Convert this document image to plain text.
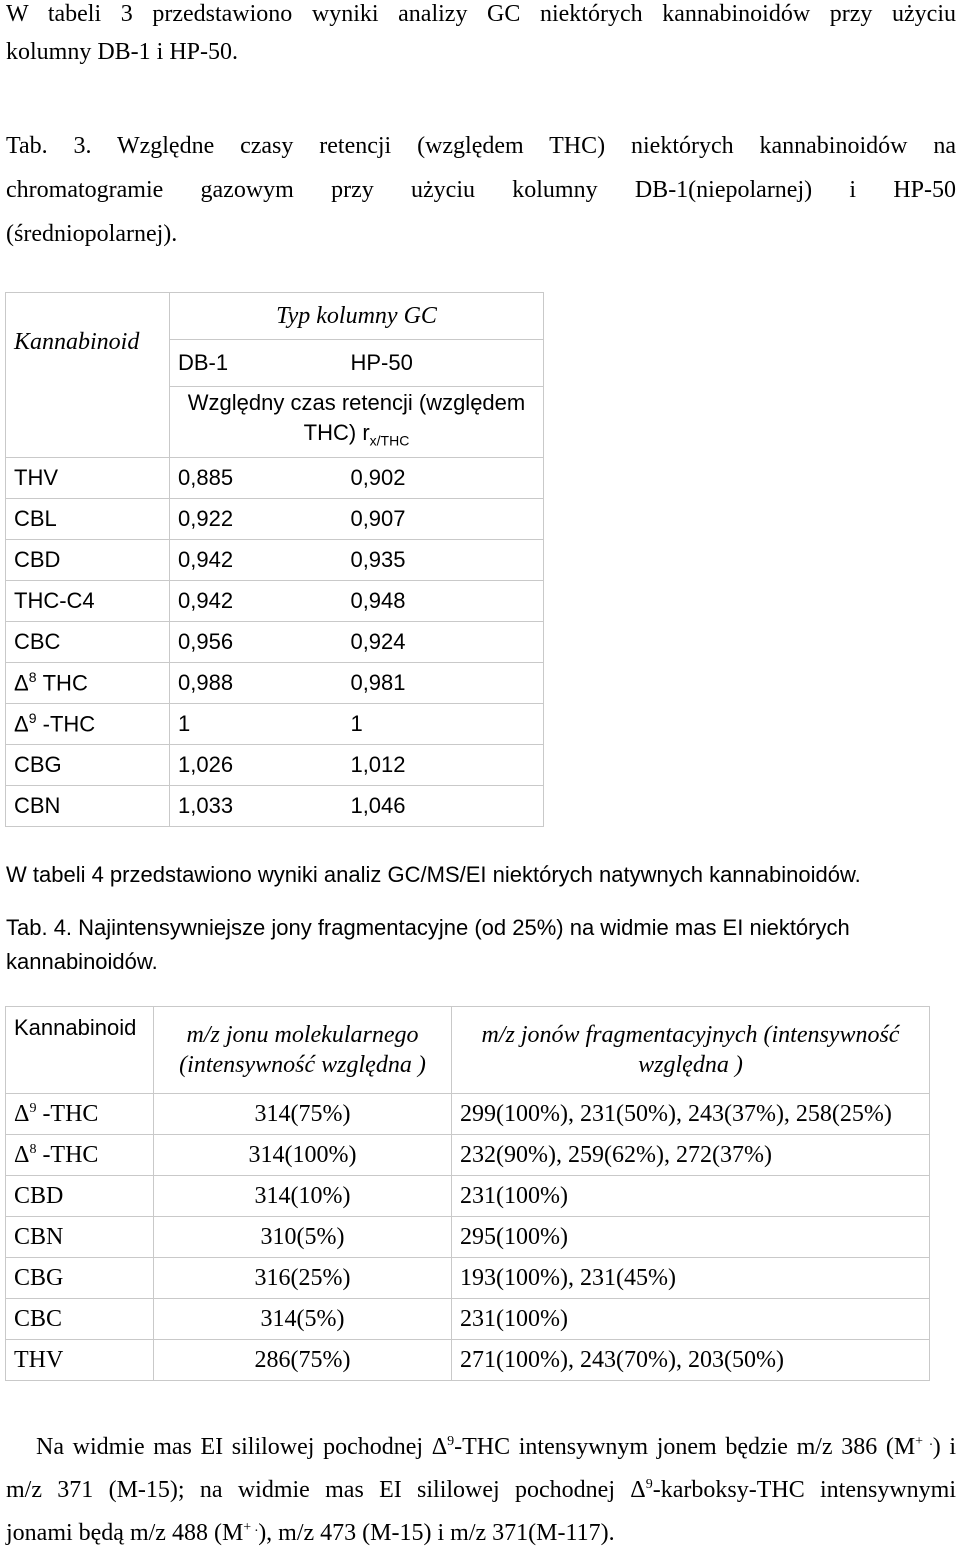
W tabeli 3 przedstawiono wyniki analizy GC niektórych kannabinoidów przy użyciu

kolumny DB-1 i HP-50.

Tab. 3. Względne czasy retencji (względem THC) niektórych kannabinoidów na

chromatogramie gazowym przy użyciu kolumny DB-1(niepolarnej) i HP-50

(średniopolarnej).

Kannabinoid	Typ kolumny GC	
	DB-1	HP-50
	Względny czas retencji (względem
THC) $r_{x/THC}$
THV	0,885	0,902
CBL	0,922	0,907
CBD	0,942	0,935
THC-C4	0,942	0,948
CBC	0,956	0,924
$\Delta^8$ THC	0,988	0,981
$\Delta^9$ -THC	1	1
CBG	1,026	1,012
CBN	1,033	1,046

W tabeli 4 przedstawiono wyniki analiz GC/MS/EI niektórych natywnych kannabinoidów.

Tab. 4. Najintensywniejsze jony fragmentacyjne (od 25%) na widmie mas EI niektórych

kannabinoidów.

Kannabinoid	m/z jonu molekularnego
(intensywność względna )	m/z jonów fragmentacyjnych (intensywność
względna )
$\Delta^9$ -THC	314(75%)	299(100%), 231(50%), 243(37%), 258(25%)
$\Delta^8$ -THC	314(100%)	232(90%), 259(62%), 272(37%)
CBD	314(10%)	231(100%)
CBN	310(5%)	295(100%)
CBG	316(25%)	193(100%), 231(45%)
CBC	314(5%)	231(100%)
THV	286(75%)	271(100%), 243(70%), 203(50%)

Na widmie mas EI sililowej pochodnej $\Delta^9$-THC intensywnym jonem będzie m/z 386 (M+ .) i

m/z 371 (M-15); na widmie mas EI sililowej pochodnej $\Delta^9-karboksy$-THC intensywnymi

jonami będą m/z 488 (M+ .), m/z 473 (M-15) i m/z 371(M-117).
